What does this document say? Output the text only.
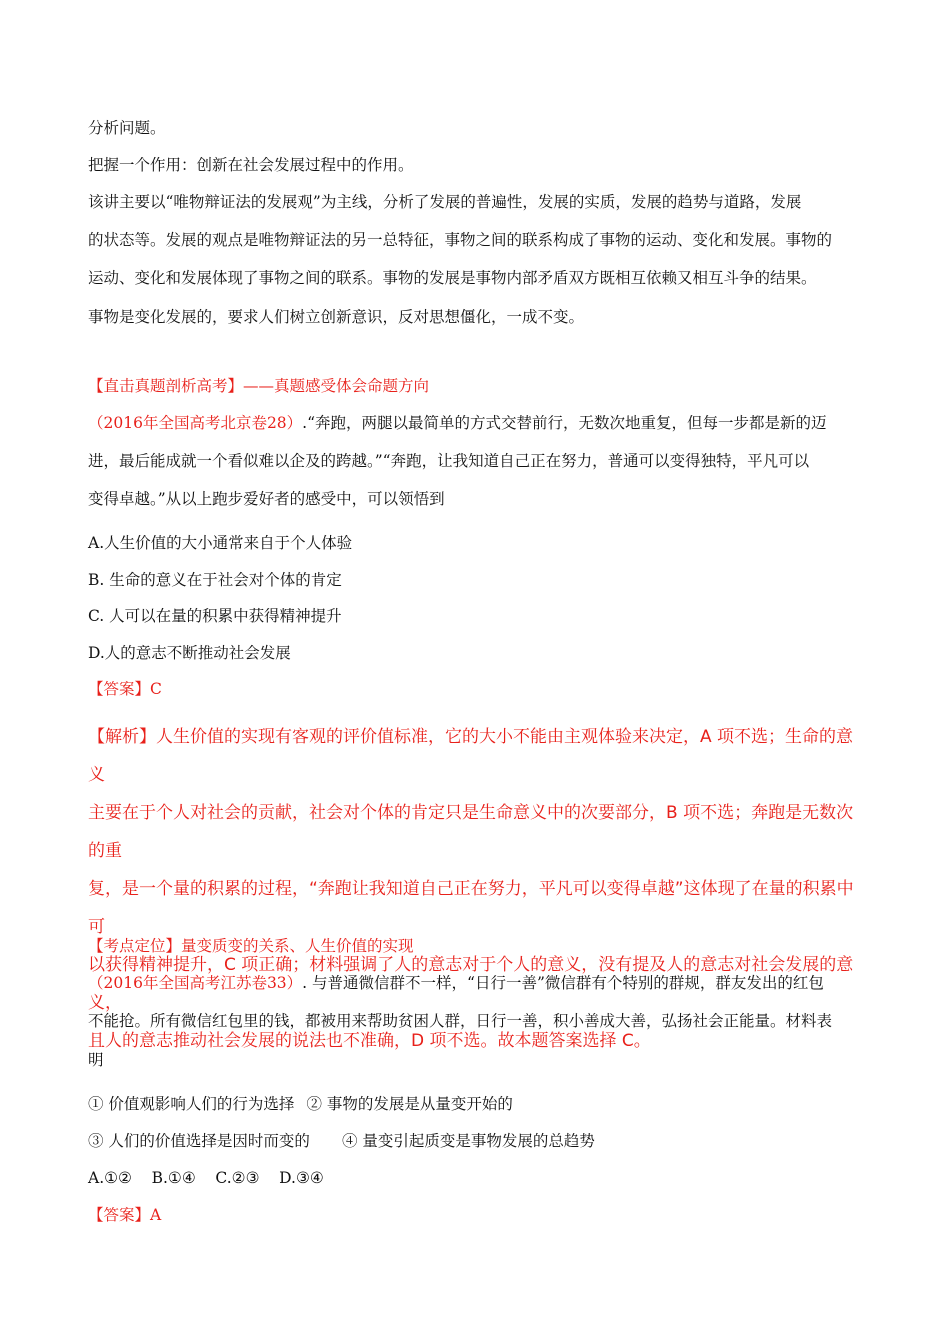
分析问题。

把握一个作用：创新在社会发展过程中的作用。

该讲主要以“唯物辩证法的发展观”为主线，分析了发展的普遍性，发展的实质，发展的趋势与道路，发展

的状态等。发展的观点是唯物辩证法的另一总特征，事物之间的联系构成了事物的运动、变化和发展。事物的

运动、变化和发展体现了事物之间的联系。事物的发展是事物内部矛盾双方既相互依赖又相互斗争的结果。

事物是变化发展的，要求人们树立创新意识，反对思想僵化，一成不变。

【直击真题剖析高考】——真题感受体会命题方向

（2016年全国高考北京卷28）.“奔跑，两腿以最简单的方式交替前行，无数次地重复，但每一步都是新的迈

进，最后能成就一个看似难以企及的跨越。”“奔跑，让我知道自己正在努力，普通可以变得独特，平凡可以

变得卓越。”从以上跑步爱好者的感受中，可以领悟到

A.人生价值的大小通常来自于个人体验

B. 生命的意义在于社会对个体的肯定

C. 人可以在量的积累中获得精神提升

D.人的意志不断推动社会发展

【答案】C

【解析】人生价值的实现有客观的评价值标准，它的大小不能由主观体验来决定，A 项不选；生命的意义

主要在于个人对社会的贡献，社会对个体的肯定只是生命意义中的次要部分，B 项不选；奔跑是无数次的重

复，是一个量的积累的过程，“奔跑让我知道自己正在努力，平凡可以变得卓越”这体现了在量的积累中可

以获得精神提升，C 项正确；材料强调了人的意志对于个人的意义，没有提及人的意志对社会发展的意义，

且人的意志推动社会发展的说法也不准确，D 项不选。故本题答案选择 C。

【考点定位】量变质变的关系、人生价值的实现

（2016年全国高考江苏卷33）. 与普通微信群不一样，“日行一善”微信群有个特别的群规，群友发出的红包

不能抢。所有微信红包里的钱，都被用来帮助贫困人群，日行一善，积小善成大善，弘扬社会正能量。材料表

明

① 价值观影响人们的行为选择 ② 事物的发展是从量变开始的

③ 人们的价值选择是因时而变的 ④ 量变引起质变是事物发展的总趋势

A.①②    B.①④    C.②③    D.③④

【答案】A
